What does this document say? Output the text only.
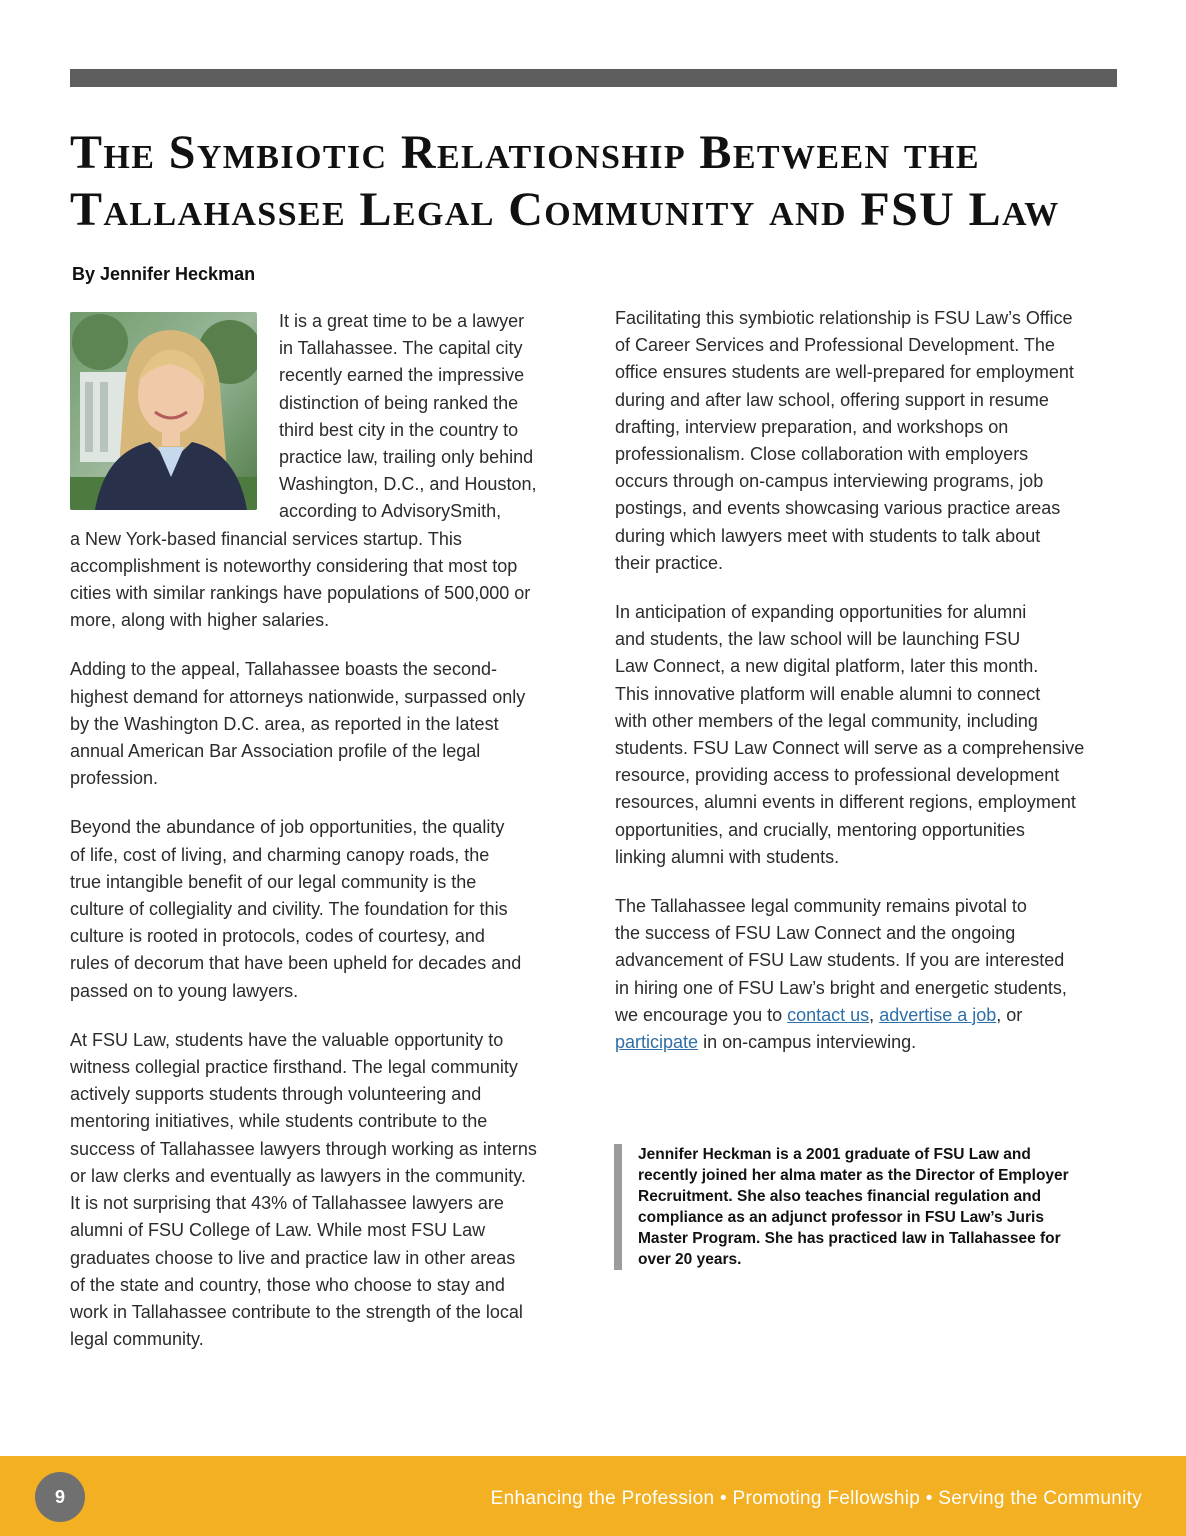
The Symbiotic Relationship Between the
Tallahassee Legal Community and FSU Law

By Jennifer Heckman

It is a great time to be a lawyer
in Tallahassee. The capital city
recently earned the impressive
distinction of being ranked the
third best city in the country to
practice law, trailing only behind
Washington, D.C., and Houston,
according to AdvisorySmith,
a New York-based financial services startup. This
accomplishment is noteworthy considering that most top
cities with similar rankings have populations of 500,000 or
more, along with higher salaries.

Adding to the appeal, Tallahassee boasts the second-
highest demand for attorneys nationwide, surpassed only
by the Washington D.C. area, as reported in the latest
annual American Bar Association profile of the legal
profession.

Beyond the abundance of job opportunities, the quality
of life, cost of living, and charming canopy roads, the
true intangible benefit of our legal community is the
culture of collegiality and civility. The foundation for this
culture is rooted in protocols, codes of courtesy, and
rules of decorum that have been upheld for decades and
passed on to young lawyers.

At FSU Law, students have the valuable opportunity to
witness collegial practice firsthand. The legal community
actively supports students through volunteering and
mentoring initiatives, while students contribute to the
success of Tallahassee lawyers through working as interns
or law clerks and eventually as lawyers in the community.
It is not surprising that 43% of Tallahassee lawyers are
alumni of FSU College of Law. While most FSU Law
graduates choose to live and practice law in other areas
of the state and country, those who choose to stay and
work in Tallahassee contribute to the strength of the local
legal community.

Facilitating this symbiotic relationship is FSU Law’s Office
of Career Services and Professional Development. The
office ensures students are well-prepared for employment
during and after law school, offering support in resume
drafting, interview preparation, and workshops on
professionalism. Close collaboration with employers
occurs through on-campus interviewing programs, job
postings, and events showcasing various practice areas
during which lawyers meet with students to talk about
their practice.

In anticipation of expanding opportunities for alumni
and students, the law school will be launching FSU
Law Connect, a new digital platform, later this month.
This innovative platform will enable alumni to connect
with other members of the legal community, including
students. FSU Law Connect will serve as a comprehensive
resource, providing access to professional development
resources, alumni events in different regions, employment
opportunities, and crucially, mentoring opportunities
linking alumni with students.

The Tallahassee legal community remains pivotal to
the success of FSU Law Connect and the ongoing
advancement of FSU Law students. If you are interested
in hiring one of FSU Law’s bright and energetic students,
we encourage you to contact us, advertise a job, or
participate in on-campus interviewing.

Jennifer Heckman is a 2001 graduate of FSU Law and
recently joined her alma mater as the Director of Employer
Recruitment. She also teaches financial regulation and
compliance as an adjunct professor in FSU Law’s Juris
Master Program. She has practiced law in Tallahassee for
over 20 years.
9	Enhancing the Profession • Promoting Fellowship • Serving the Community
